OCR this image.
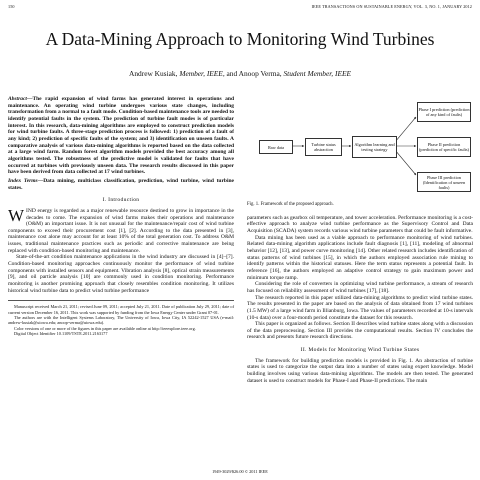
150	IEEE TRANSACTIONS ON SUSTAINABLE ENERGY, VOL. 3, NO. 1, JANUARY 2012
A Data-Mining Approach to Monitoring Wind Turbines
Andrew Kusiak, Member, IEEE, and Anoop Verma, Student Member, IEEE
Abstract—The rapid expansion of wind farms has generated interest in operations and maintenance. An operating wind turbine undergoes various state changes, including transformation from a normal to a fault mode. Condition-based maintenance tools are needed to identify potential faults in the system. The prediction of turbine fault modes is of particular interest. In this research, data-mining algorithms are employed to construct prediction models for wind turbine faults. A three-stage prediction process is followed: 1) prediction of a fault of any kind; 2) prediction of specific faults of the system; and 3) identification on unseen faults. A comparative analysis of various data-mining algorithms is reported based on the data collected at a large wind farm. Random forest algorithm models provided the best accuracy among all algorithms tested. The robustness of the predictive model is validated for faults that have occurred at turbines with previously unseen data. The research results discussed in this paper have been derived from data collected at 17 wind turbines.
Index Terms—Data mining, multiclass classification, prediction, wind turbine, wind turbine states.
I. Introduction

WIND energy is regarded as a major renewable resource destined to grow in importance in the decades to come. The expansion of wind farms makes their operations and maintenance (O&M) an important issue. It is not unusual for the maintenance/repair cost of wind turbine components to exceed their procurement cost [1], [2]. According to the data presented in [3], maintenance cost alone may account for at least 10% of the total generation cost. To address O&M issues, traditional maintenance practices such as periodic and corrective maintenance are being replaced with condition-based monitoring and maintenance.

State-of-the-art condition maintenance applications in the wind industry are discussed in [4]–[7]. Condition-based monitoring approaches continuously monitor the performance of wind turbine components with installed sensors and equipment. Vibration analysis [8], optical strain measurements [9], and oil particle analysis [10] are commonly used in condition monitoring. Performance monitoring is another promising approach that closely resembles condition monitoring. It utilizes historical wind turbine data to predict wind turbine performance

Manuscript received March 21, 2011; revised June 09, 2011; accepted July 21, 2011. Date of publication July 29, 2011; date of current version December 16, 2011. This work was supported by funding from the Iowa Energy Center under Grant 07-01.

The authors are with the Intelligent Systems Laboratory, The University of Iowa, Iowa City, IA 52242-1527 USA (e-mail: andrew-kusiak@uiowa.edu; anoop-verma@uiowa.edu).

Color versions of one or more of the figures in this paper are available online at http://ieeexplore.ieee.org.

Digital Object Identifier 10.1109/TSTE.2011.2163177

Raw data	Turbine status abstraction
Algorithm learning and testing strategy
Phase I prediction (prediction of any kind of faults)
Phase II prediction (prediction of specific faults)
Phase III prediction (Identification of unseen faults)

Fig. 1. Framework of the proposed approach.

parameters such as gearbox oil temperature, and tower acceleration. Performance monitoring is a cost-effective approach to analyze wind turbine performance as the Supervisory Control and Data Acquisition (SCADA) system records various wind turbine parameters that could be fault informative.

Data mining has been used as a viable approach to performance monitoring of wind turbines. Related data-mining algorithm applications include fault diagnosis [1], [11], modeling of abnormal behavior [12], [13], and power curve monitoring [14]. Other related research includes identification of status patterns of wind turbines [15], in which the authors employed association rule mining to identify patterns within the historical statuses. Here the term status represents a potential fault. In reference [16], the authors employed an adaptive control strategy to gain maximum power and minimum torque ramp.

Considering the role of converters in optimizing wind turbine performance, a stream of research has focused on reliability assessment of wind turbines [17], [18].

The research reported in this paper utilized data-mining algorithms to predict wind turbine states. The results presented in the paper are based on the analysis of data obtained from 17 wind turbines (1.5 MW) of a large wind farm in Illianburg, Iowa. The values of parameters recorded at 10-s intervals (10-s data) over a four-month period constitute the dataset for this research.

This paper is organized as follows. Section II describes wind turbine states along with a discussion of the data preprocessing. Section III provides the computational results. Section IV concludes the research and presents future research directions.

II. Models for Monitoring Wind Turbine States

The framework for building prediction models is provided in Fig. 1. An abstraction of turbine states is used to categorize the output data into a number of states using expert knowledge. Model building involves using various data-mining algorithms. The models are then tested. The generated dataset is used to construct models for Phase-I and Phase-II predictions. The main

1949-3029/$26.00 © 2011 IEEE
